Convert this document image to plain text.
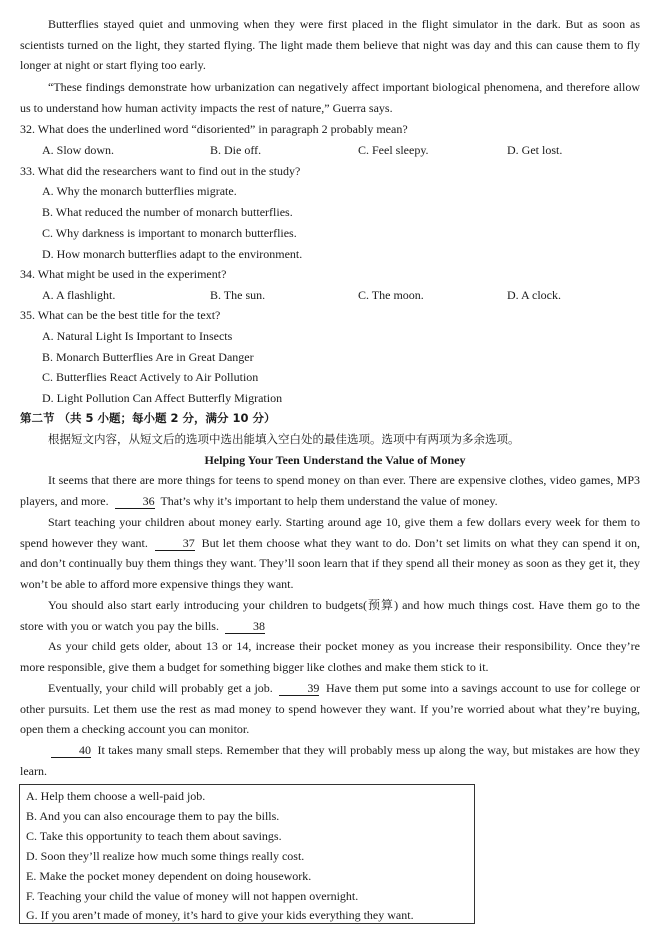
Butterflies stayed quiet and unmoving when they were first placed in the flight simulator in the dark. But as soon as scientists turned on the light, they started flying. The light made them believe that night was day and this can cause them to fly longer at night or start flying too early.
“These findings demonstrate how urbanization can negatively affect important biological phenomena, and therefore allow us to understand how human activity impacts the rest of nature,” Guerra says.
32. What does the underlined word “disoriented” in paragraph 2 probably mean?
A. Slow down.	B. Die off.	C. Feel sleepy.	D. Get lost.
33. What did the researchers want to find out in the study?
A. Why the monarch butterflies migrate.
B. What reduced the number of monarch butterflies.
C. Why darkness is important to monarch butterflies.
D. How monarch butterflies adapt to the environment.
34. What might be used in the experiment?
A. A flashlight.	B. The sun.	C. The moon.	D. A clock.
35. What can be the best title for the text?
A. Natural Light Is Important to Insects
B. Monarch Butterflies Are in Great Danger
C. Butterflies React Actively to Air Pollution
D. Light Pollution Can Affect Butterfly Migration
第二节 （共 5 小题；每小题 2 分，满分 10 分）
根据短文内容，从短文后的选项中选出能填入空白处的最佳选项。选项中有两项为多余选项。
Helping Your Teen Understand the Value of Money
It seems that there are more things for teens to spend money on than ever. There are expensive clothes, video games, MP3 players, and more.	36 That’s why it’s important to help them understand the value of money.
Start teaching your children about money early. Starting around age 10, give them a few dollars every week for them to spend however they want.	37 But let them choose what they want to do. Don’t set limits on what they can spend it on, and don’t continually buy them things they want. They’ll soon learn that if they spend all their money as soon as they get it, they won’t be able to afford more expensive things they want.
You should also start early introducing your children to budgets(预算) and how much things cost. Have them go to the store with you or watch you pay the bills.	38
As your child gets older, about 13 or 14, increase their pocket money as you increase their responsibility. Once they’re more responsible, give them a budget for something bigger like clothes and make them stick to it.
Eventually, your child will probably get a job.	39 Have them put some into a savings account to use for college or other pursuits. Let them use the rest as mad money to spend however they want. If you’re worried about what they’re buying, open them a checking account you can monitor.
40 It takes many small steps. Remember that they will probably mess up along the way, but mistakes are how they learn.
A. Help them choose a well-paid job.
B. And you can also encourage them to pay the bills.
C. Take this opportunity to teach them about savings.
D. Soon they’ll realize how much some things really cost.
E. Make the pocket money dependent on doing housework.
F. Teaching your child the value of money will not happen overnight.
G. If you aren’t made of money, it’s hard to give your kids everything they want.
